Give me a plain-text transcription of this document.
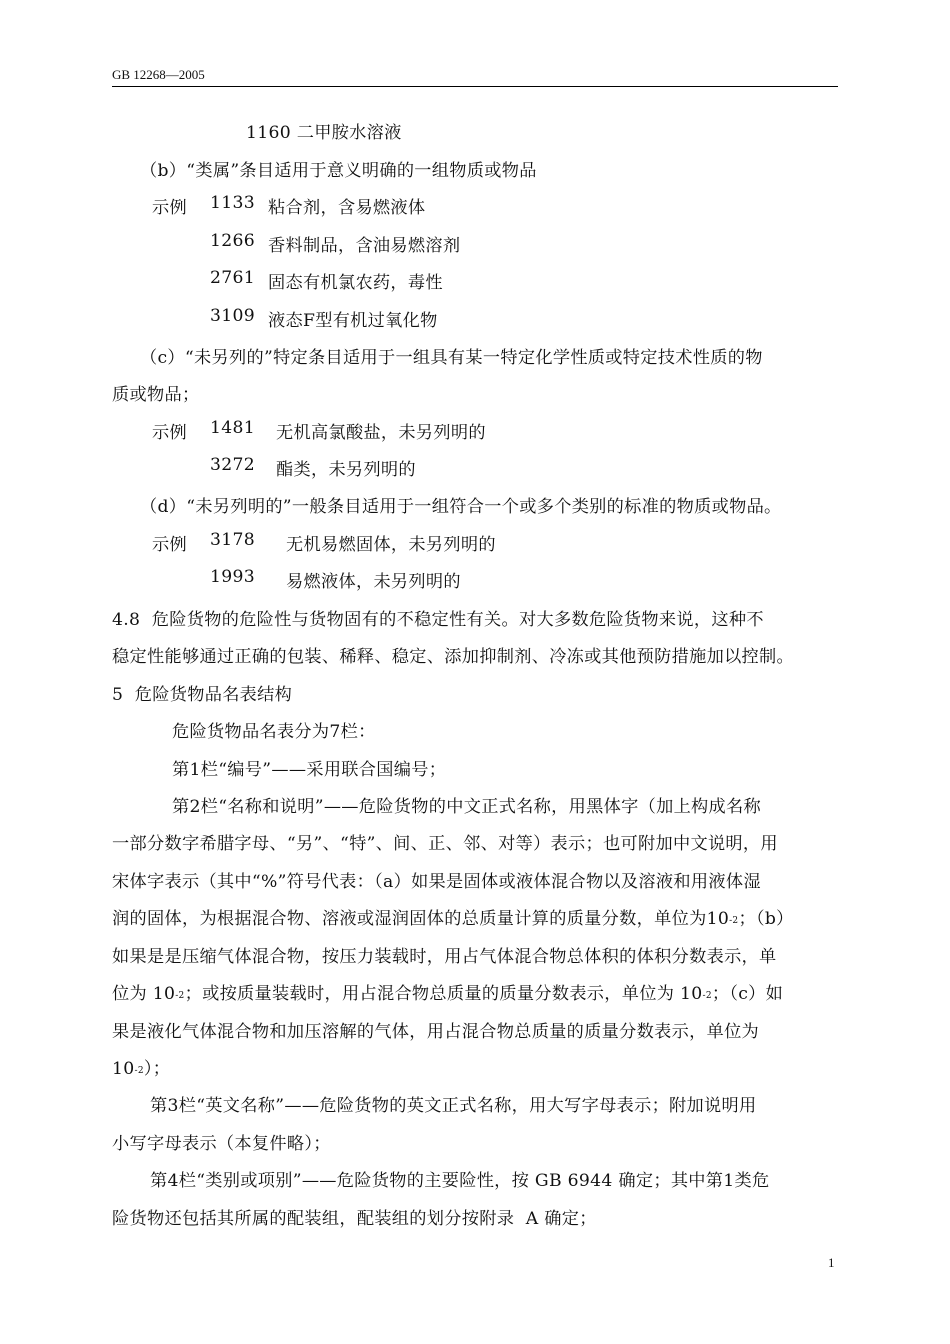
GB 12268—2005
1160 二甲胺水溶液
（b）“类属”条目适用于意义明确的一组物质或物品
示例 1133 粘合剂，含易燃液体
1266 香料制品，含油易燃溶剂
2761 固态有机氯农药，毒性
3109 液态F型有机过氧化物
（c）“未另列的”特定条目适用于一组具有某一特定化学性质或特定技术性质的物
质或物品；
示例 1481 无机高氯酸盐，未另列明的
3272 酯类，未另列明的
（d）“未另列明的”一般条目适用于一组符合一个或多个类别的标准的物质或物品。
示例 3178 无机易燃固体，未另列明的
1993 易燃液体，未另列明的
4.8  危险货物的危险性与货物固有的不稳定性有关。对大多数危险货物来说，这种不
稳定性能够通过正确的包装、稀释、稳定、添加抑制剂、冷冻或其他预防措施加以控制。
5  危险货物品名表结构
危险货物品名表分为7栏：
第1栏“编号”——采用联合国编号；
第2栏“名称和说明”——危险货物的中文正式名称，用黑体字（加上构成名称
一部分数字希腊字母、“另”、“特”、间、正、邻、对等）表示；也可附加中文说明，用
宋体字表示（其中“%”符号代表：（a）如果是固体或液体混合物以及溶液和用液体湿
润的固体，为根据混合物、溶液或湿润固体的总质量计算的质量分数，单位为10-2；（b）
如果是是压缩气体混合物，按压力装载时，用占气体混合物总体积的体积分数表示，单
位为 10-2；或按质量装载时，用占混合物总质量的质量分数表示，单位为 10-2；（c）如
果是液化气体混合物和加压溶解的气体，用占混合物总质量的质量分数表示，单位为
10-2）；
第3栏“英文名称”——危险货物的英文正式名称，用大写字母表示；附加说明用
小写字母表示（本复件略）；
第4栏“类别或项别”——危险货物的主要险性，按 GB 6944 确定；其中第1类危
险货物还包括其所属的配装组，配装组的划分按附录  A 确定；
1
